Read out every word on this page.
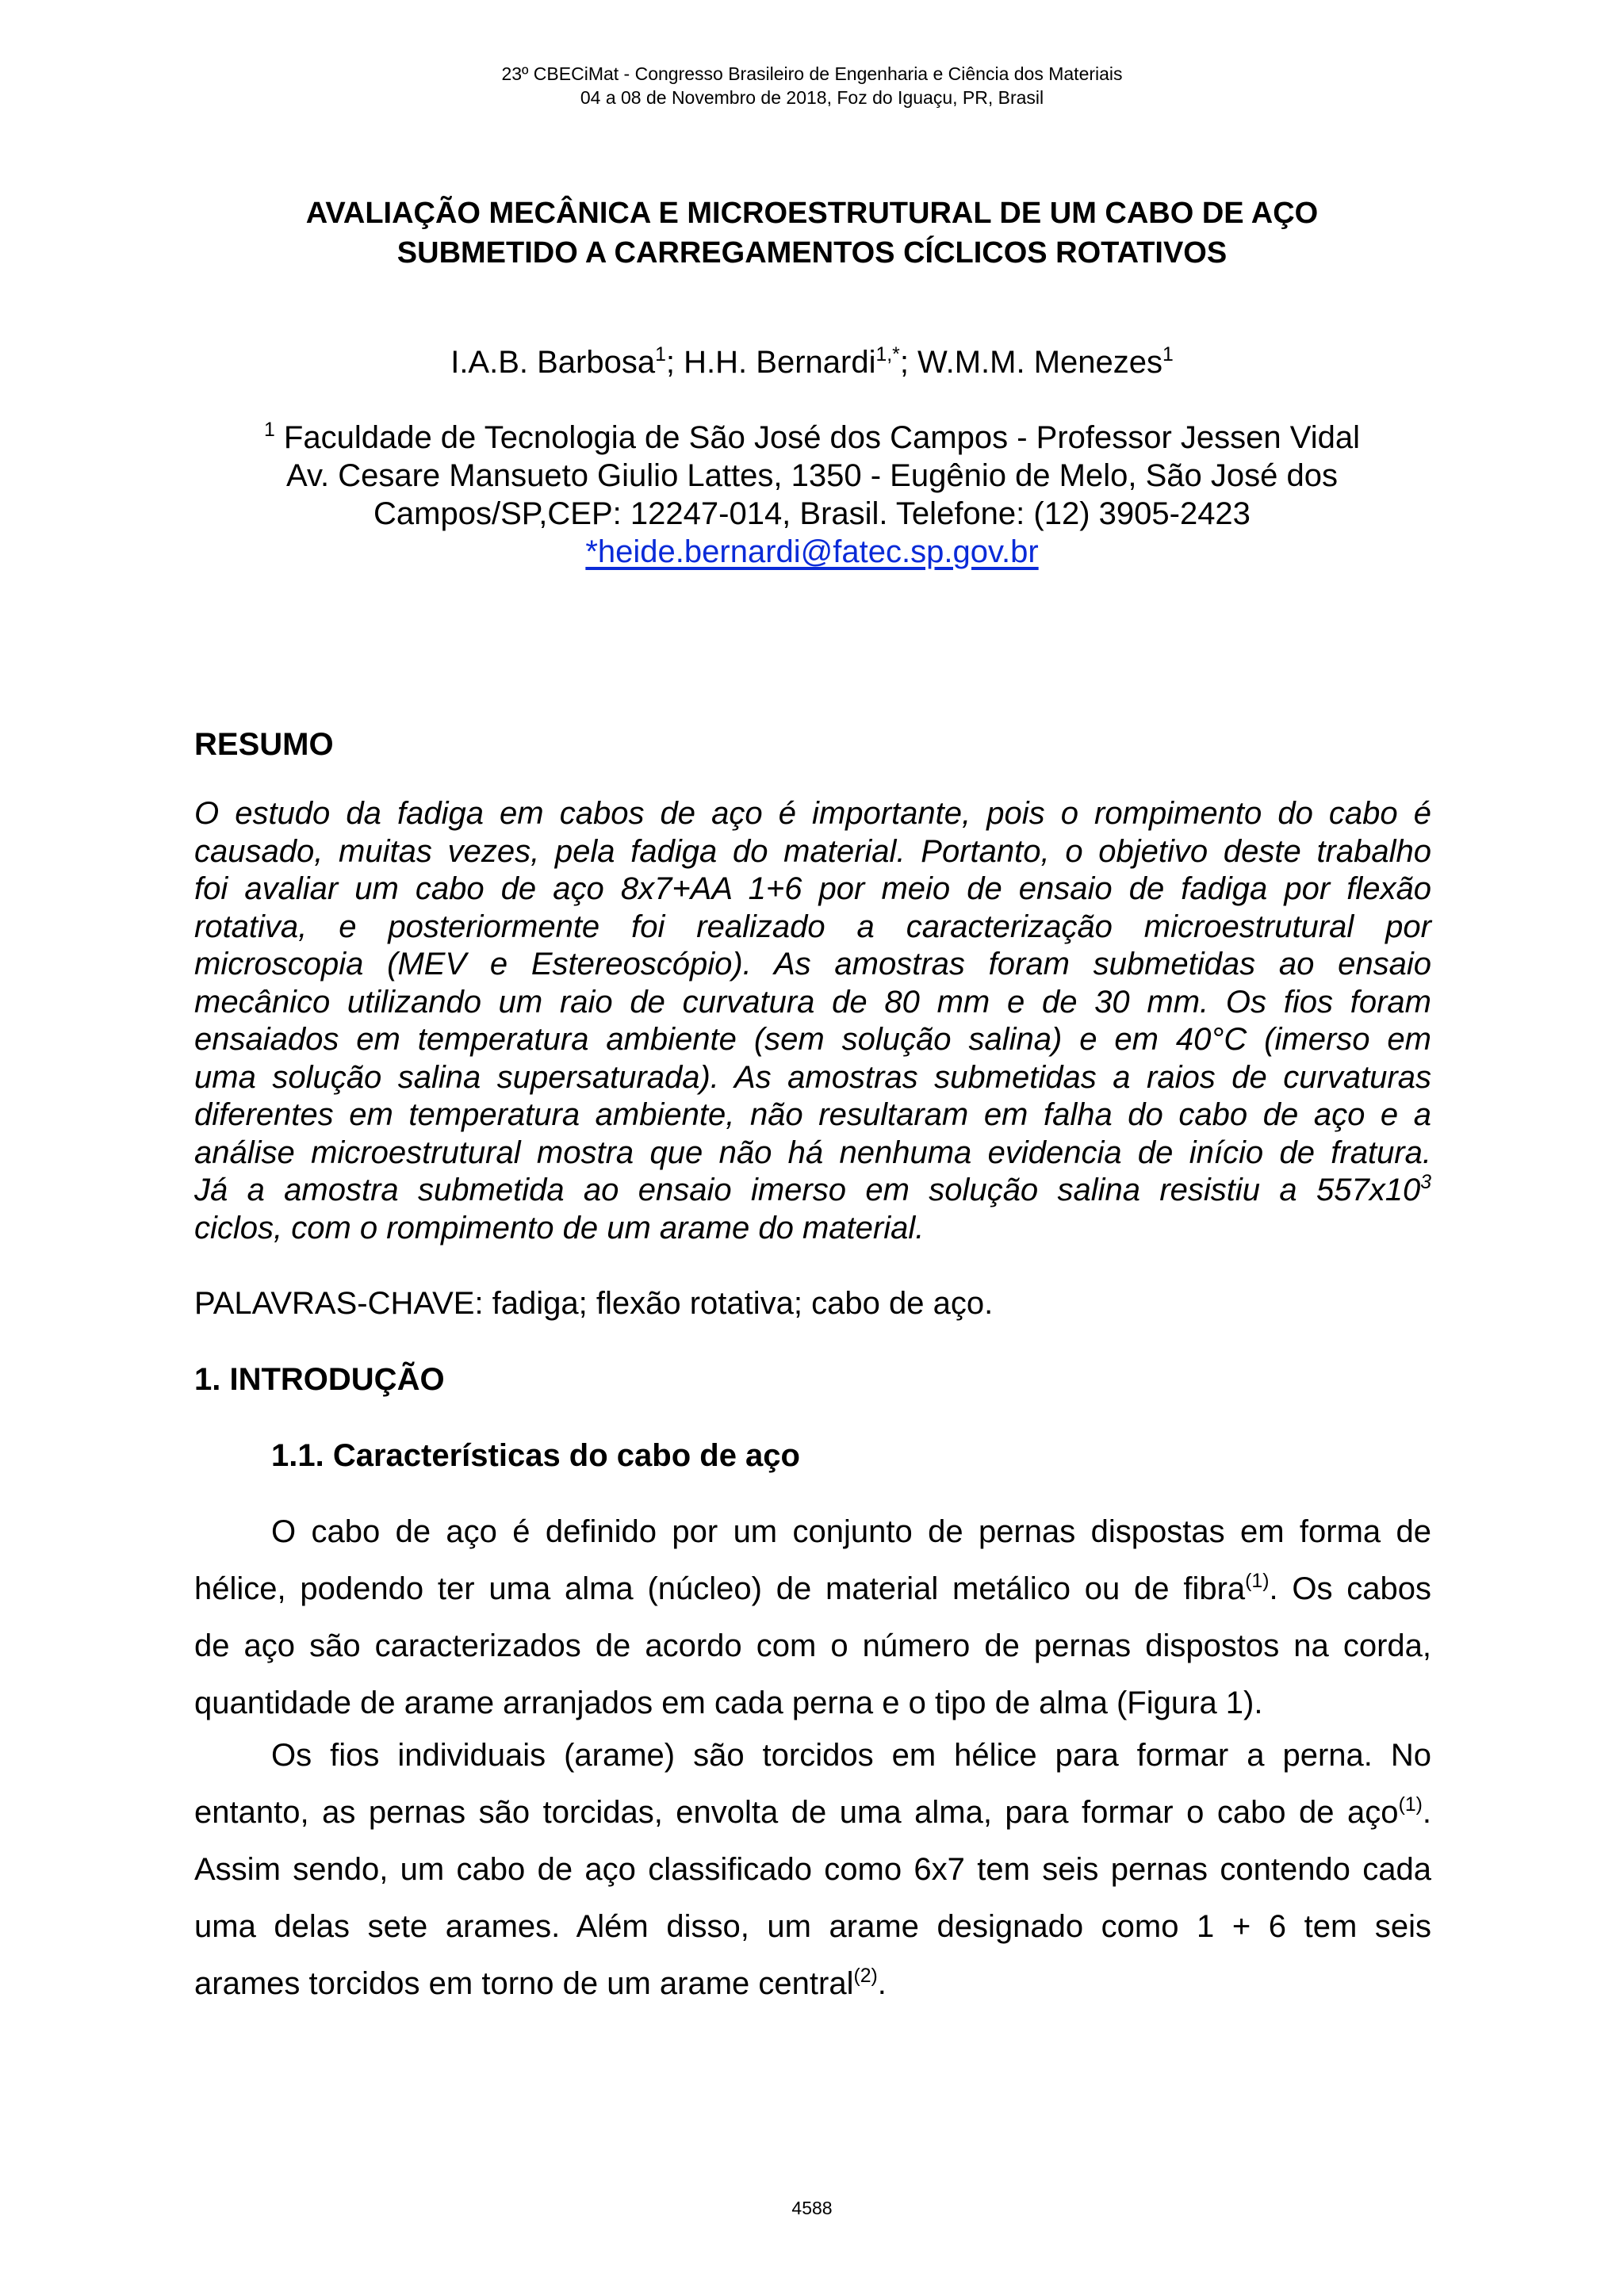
23º CBECiMat - Congresso Brasileiro de Engenharia e Ciência dos Materiais
04 a 08 de Novembro de 2018, Foz do Iguaçu, PR, Brasil
AVALIAÇÃO MECÂNICA E MICROESTRUTURAL DE UM CABO DE AÇO
SUBMETIDO A CARREGAMENTOS CÍCLICOS ROTATIVOS
I.A.B. Barbosa$^1$; H.H. Bernardi$^{1,*}$; W.M.M. Menezes$^1$
$^1$ Faculdade de Tecnologia de São José dos Campos - Professor Jessen Vidal
Av. Cesare Mansueto Giulio Lattes, 1350 - Eugênio de Melo, São José dos
Campos/SP,CEP: 12247-014, Brasil. Telefone: (12) 3905-2423
*heide.bernardi@fatec.sp.gov.br
RESUMO
O estudo da fadiga em cabos de aço é importante, pois o rompimento do cabo é
causado, muitas vezes, pela fadiga do material. Portanto, o objetivo deste trabalho
foi avaliar um cabo de aço 8x7+AA 1+6 por meio de ensaio de fadiga por flexão
rotativa, e posteriormente foi realizado a caracterização microestrutural por
microscopia (MEV e Estereoscópio). As amostras foram submetidas ao ensaio
mecânico utilizando um raio de curvatura de 80 mm e de 30 mm. Os fios foram
ensaiados em temperatura ambiente (sem solução salina) e em 40°C (imerso em
uma solução salina supersaturada). As amostras submetidas a raios de curvaturas
diferentes em temperatura ambiente, não resultaram em falha do cabo de aço e a
análise microestrutural mostra que não há nenhuma evidencia de início de fratura.
Já a amostra submetida ao ensaio imerso em solução salina resistiu a $557x10^3$
ciclos, com o rompimento de um arame do material.
PALAVRAS-CHAVE: fadiga; flexão rotativa; cabo de aço.
1. INTRODUÇÃO
1.1. Características do cabo de aço
O cabo de aço é definido por um conjunto de pernas dispostas em forma de
hélice, podendo ter uma alma (núcleo) de material metálico ou de fibra$^{(1)}$. Os cabos
de aço são caracterizados de acordo com o número de pernas dispostos na corda,
quantidade de arame arranjados em cada perna e o tipo de alma (Figura 1).
Os fios individuais (arame) são torcidos em hélice para formar a perna. No
entanto, as pernas são torcidas, envolta de uma alma, para formar o cabo de aço$^{(1)}$.
Assim sendo, um cabo de aço classificado como 6x7 tem seis pernas contendo cada
uma delas sete arames. Além disso, um arame designado como 1 + 6 tem seis
arames torcidos em torno de um arame central$^{(2)}$.
4588
